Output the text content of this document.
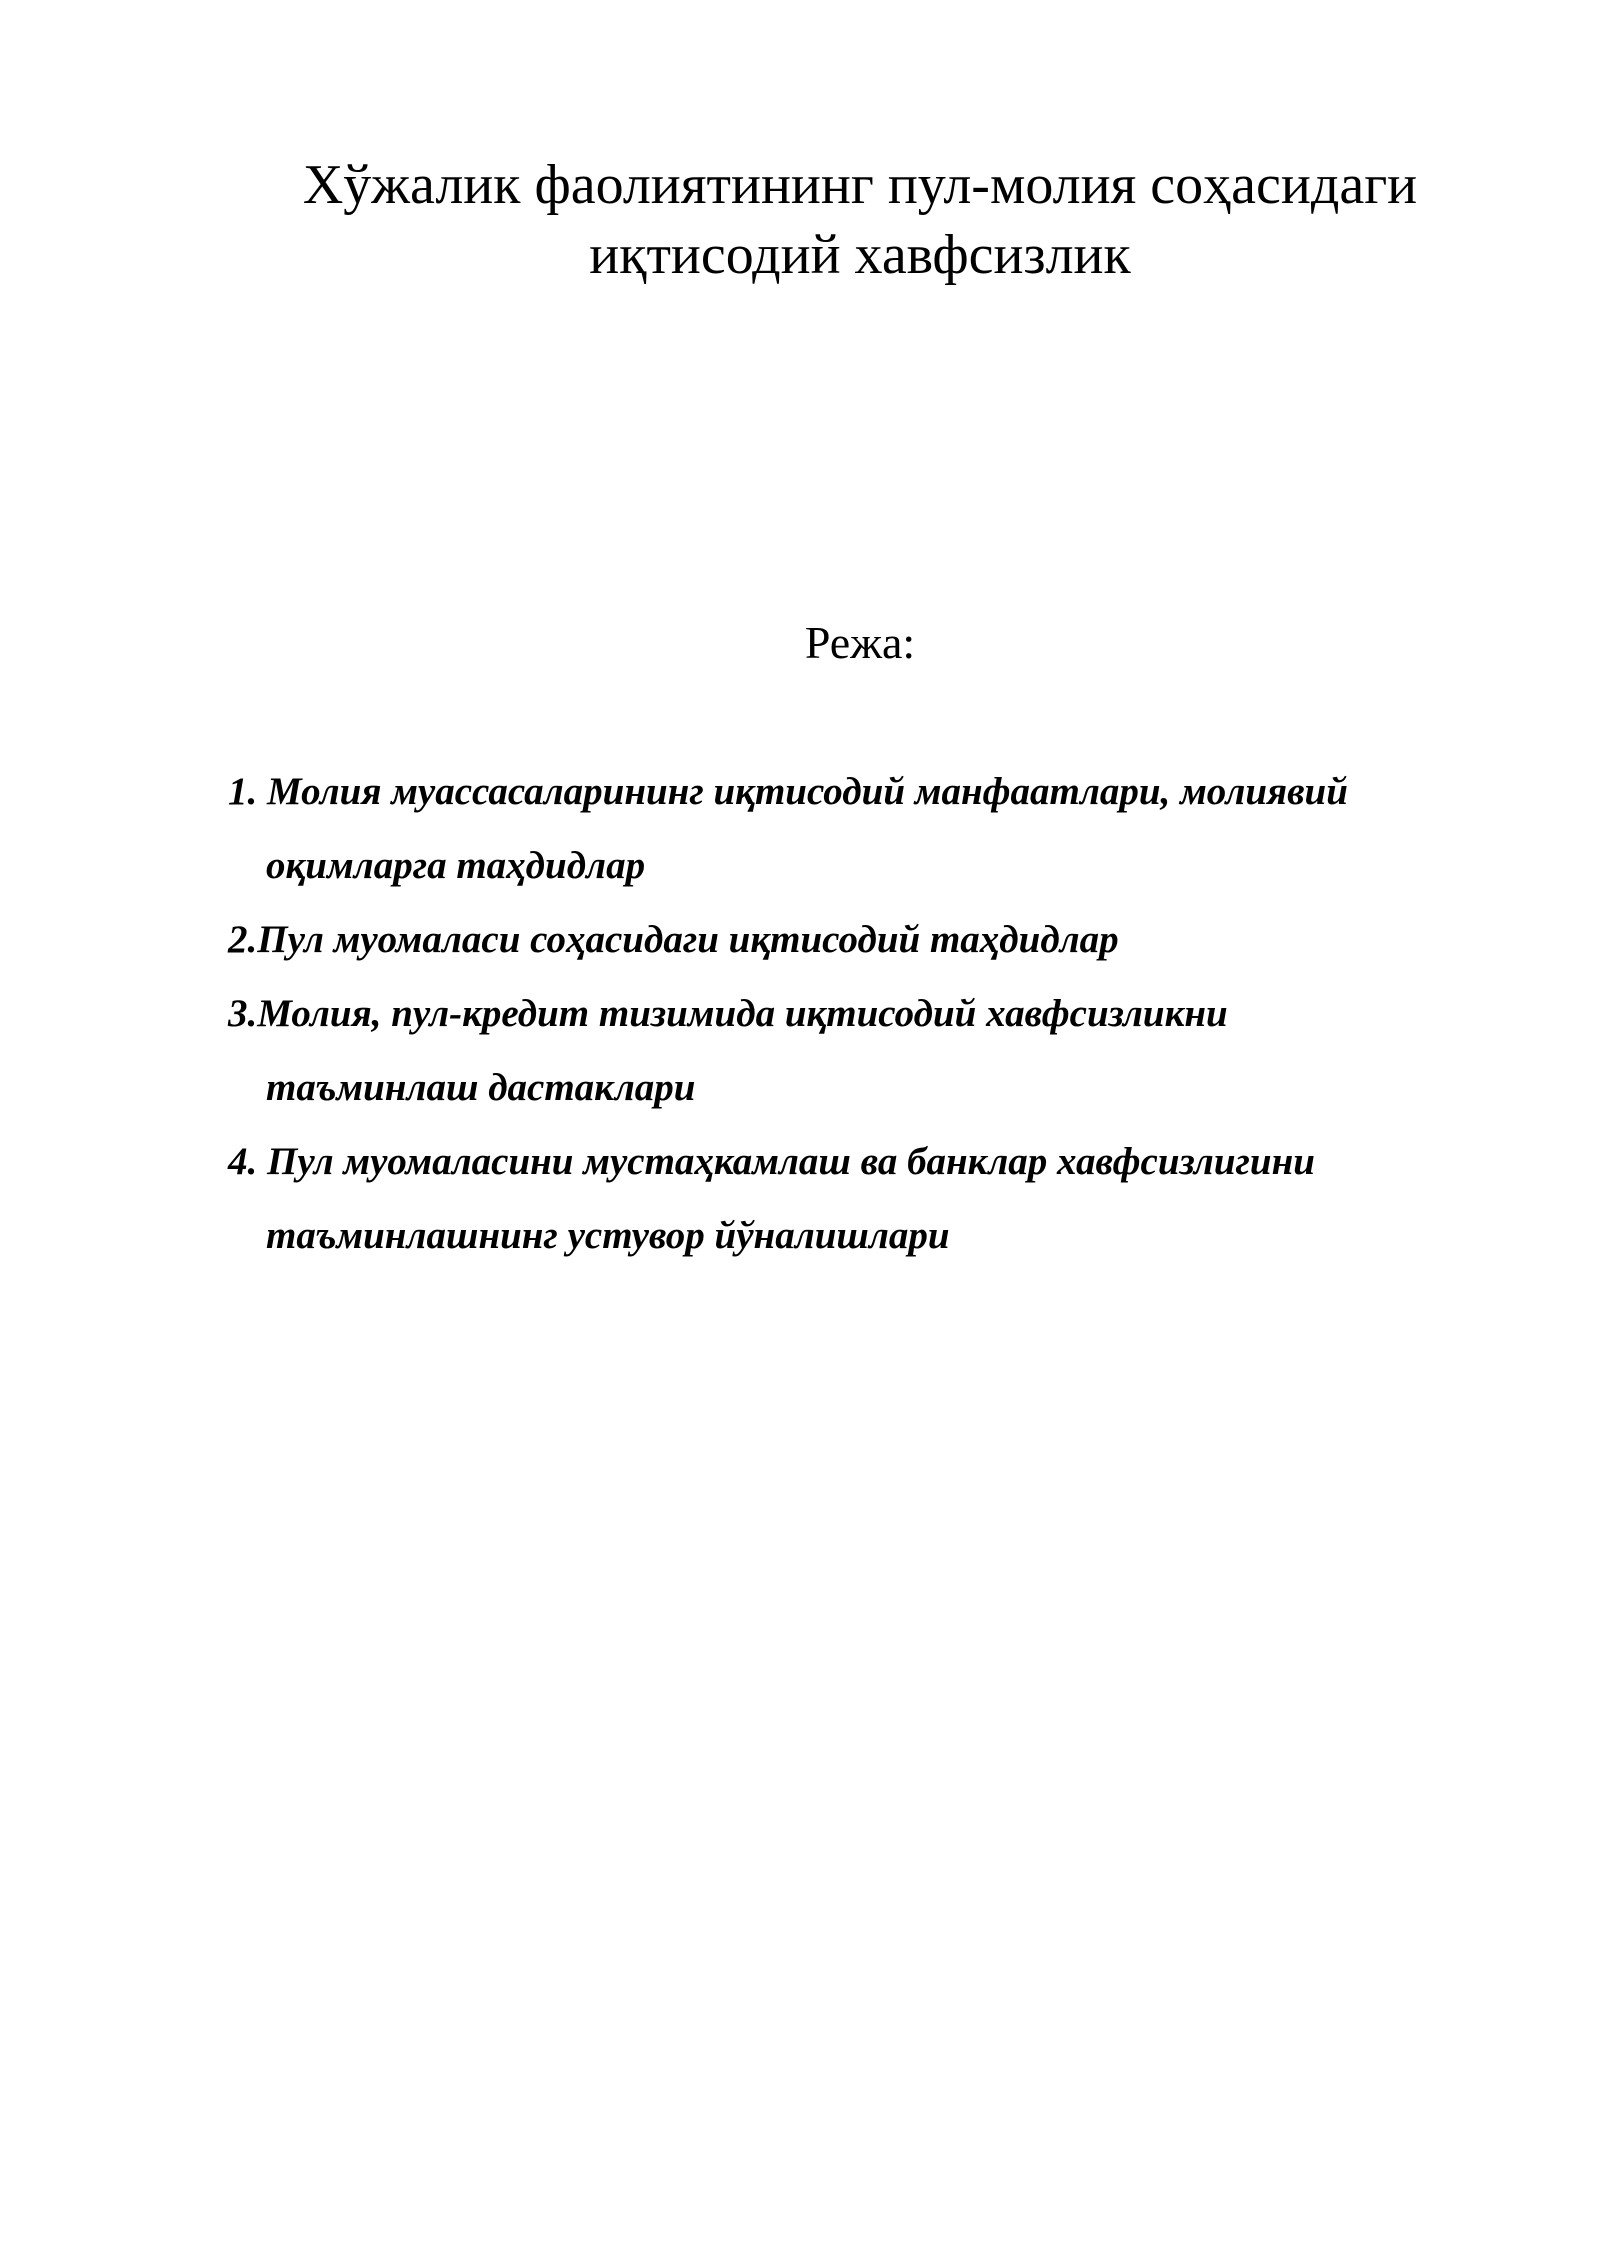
Хўжалик фаолиятининг пул-молия соҳасидаги
иқтисодий хавфсизлик
Режа:
1. Молия муассасаларининг иқтисодий манфаатлари, молиявий
оқимларга таҳдидлар
2.Пул муомаласи соҳасидаги иқтисодий таҳдидлар
3.Молия, пул-кредит тизимида иқтисодий хавфсизликни
таъминлаш дастаклари
4. Пул муомаласини мустаҳкамлаш ва банклар хавфсизлигини
таъминлашнинг устувор йўналишлари
